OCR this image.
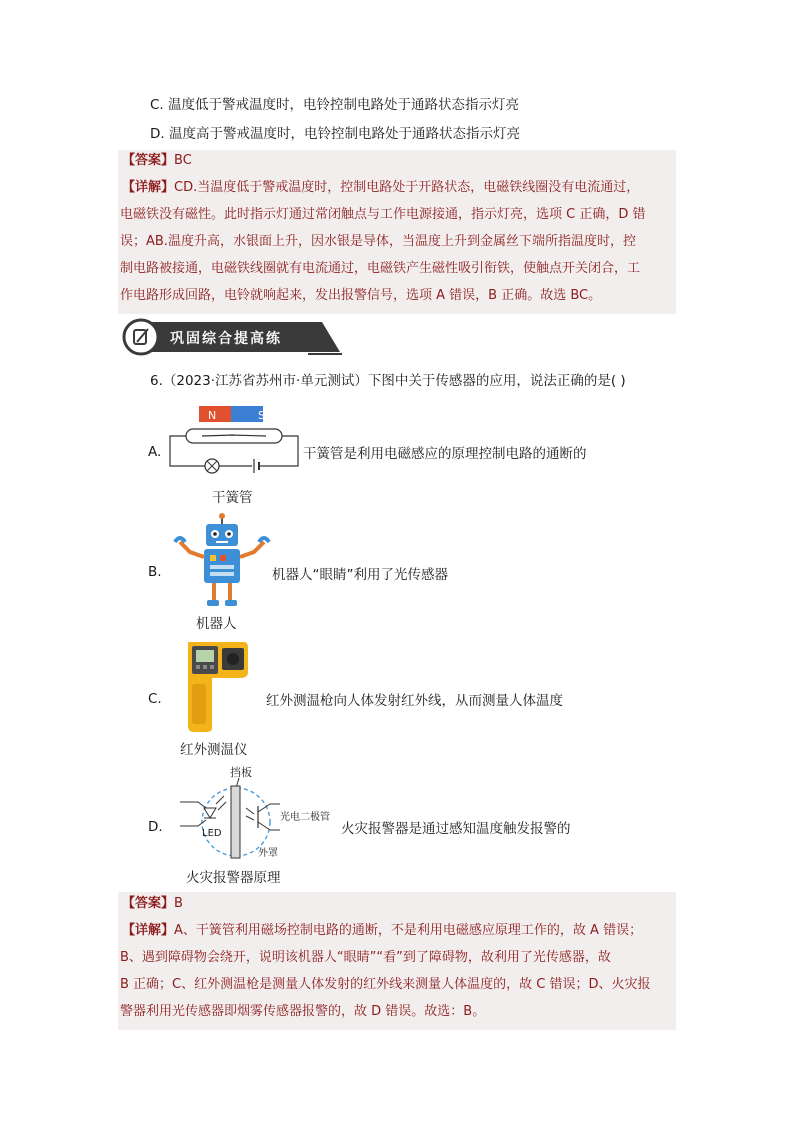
C. 温度低于警戒温度时，电铃控制电路处于通路状态指示灯亮
D. 温度高于警戒温度时，电铃控制电路处于通路状态指示灯亮
【答案】BC
【详解】CD.当温度低于警戒温度时，控制电路处于开路状态，电磁铁线圈没有电流通过，
电磁铁没有磁性。此时指示灯通过常闭触点与工作电源接通，指示灯亮，选项 C 正确，D 错
误；AB.温度升高，水银面上升，因水银是导体，当温度上升到金属丝下端所指温度时，控
制电路被接通，电磁铁线圈就有电流通过，电磁铁产生磁性吸引衔铁，使触点开关闭合，工
作电路形成回路，电铃就响起来，发出报警信号，选项 A 错误，B 正确。故选 BC。
巩固综合提高练
6.（2023·江苏省苏州市·单元测试）下图中关于传感器的应用，说法正确的是( )
A.
N	S
干簧管是利用电磁感应的原理控制电路的通断的
干簧管
B.	机器人“眼睛”利用了光传感器
机器人
C.	红外测温枪向人体发射红外线，从而测量人体温度
红外测温仪
D.
挡板
LED
光电二极管
外罩
火灾报警器是通过感知温度触发报警的
火灾报警器原理
【答案】B
【详解】A、干簧管利用磁场控制电路的通断，不是利用电磁感应原理工作的，故 A 错误；
B、遇到障碍物会绕开，说明该机器人“眼睛”“看”到了障碍物，故利用了光传感器，故
B 正确；C、红外测温枪是测量人体发射的红外线来测量人体温度的，故 C 错误；D、火灾报
警器利用光传感器即烟雾传感器报警的，故 D 错误。故选：B。
